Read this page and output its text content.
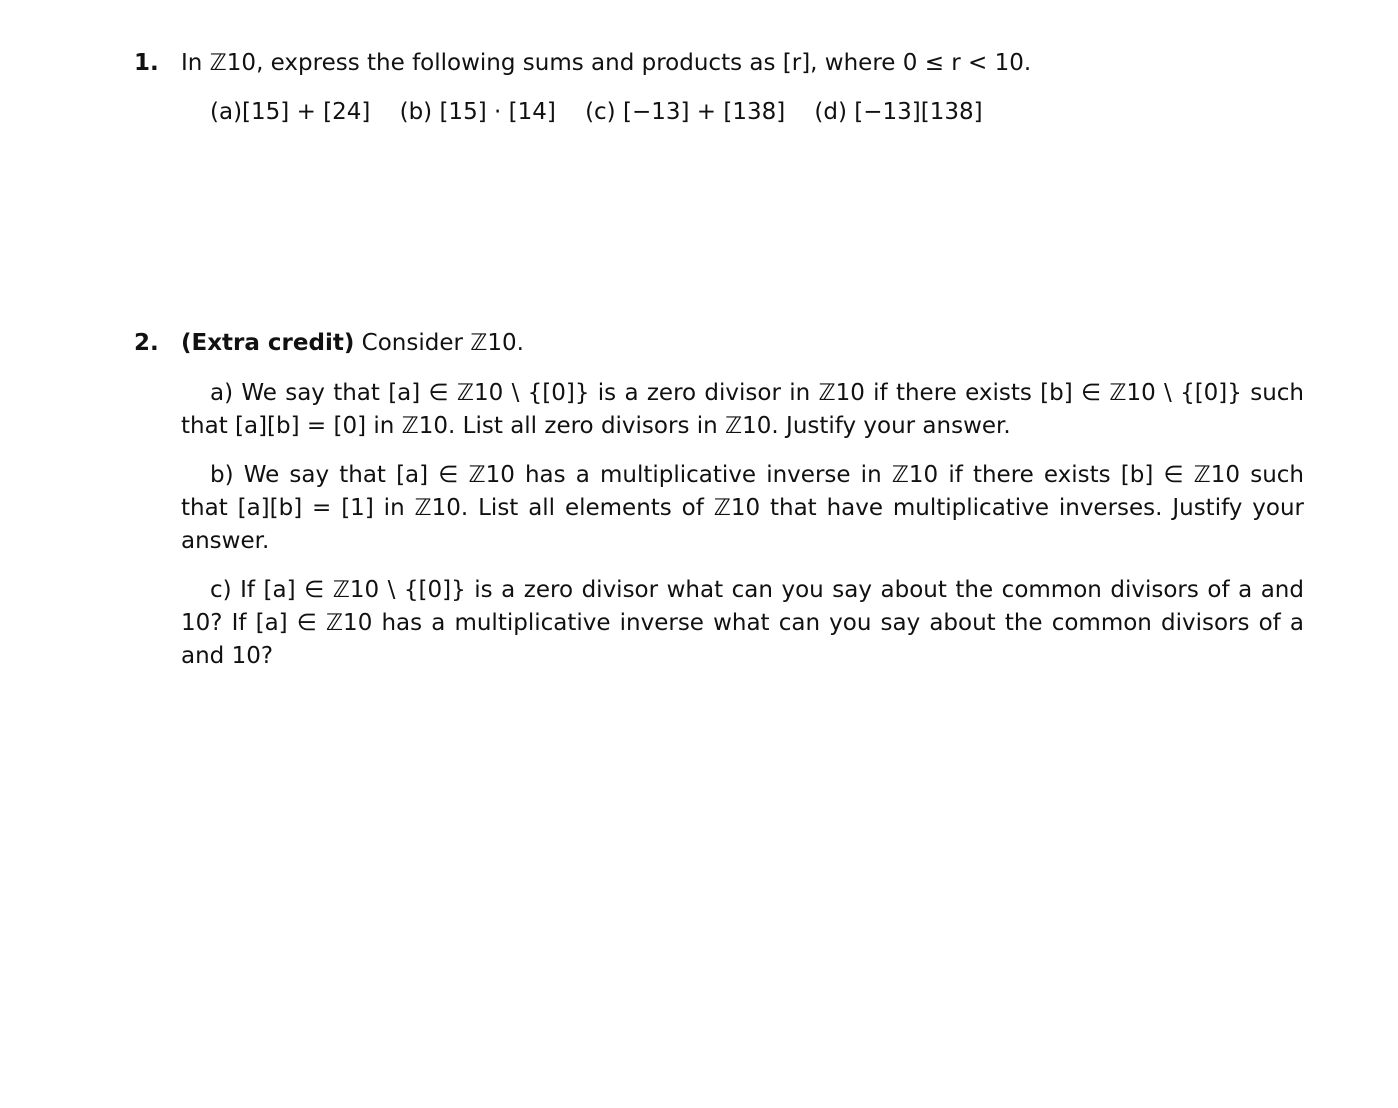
1. In ℤ10, express the following sums and products as [r], where 0 ≤ r < 10.
(a)[15] + [24]    (b) [15] · [14]    (c) [−13] + [138]    (d) [−13][138]
2. (Extra credit) Consider ℤ10.
a) We say that [a] ∈ ℤ10 \ {[0]} is a zero divisor in ℤ10 if there exists [b] ∈ ℤ10 \ {[0]} such that [a][b] = [0] in ℤ10. List all zero divisors in ℤ10. Justify your answer.
b) We say that [a] ∈ ℤ10 has a multiplicative inverse in ℤ10 if there exists [b] ∈ ℤ10 such that [a][b] = [1] in ℤ10. List all elements of ℤ10 that have multiplicative inverses. Justify your answer.
c) If [a] ∈ ℤ10 \ {[0]} is a zero divisor what can you say about the common divisors of a and 10? If [a] ∈ ℤ10 has a multiplicative inverse what can you say about the common divisors of a and 10?
